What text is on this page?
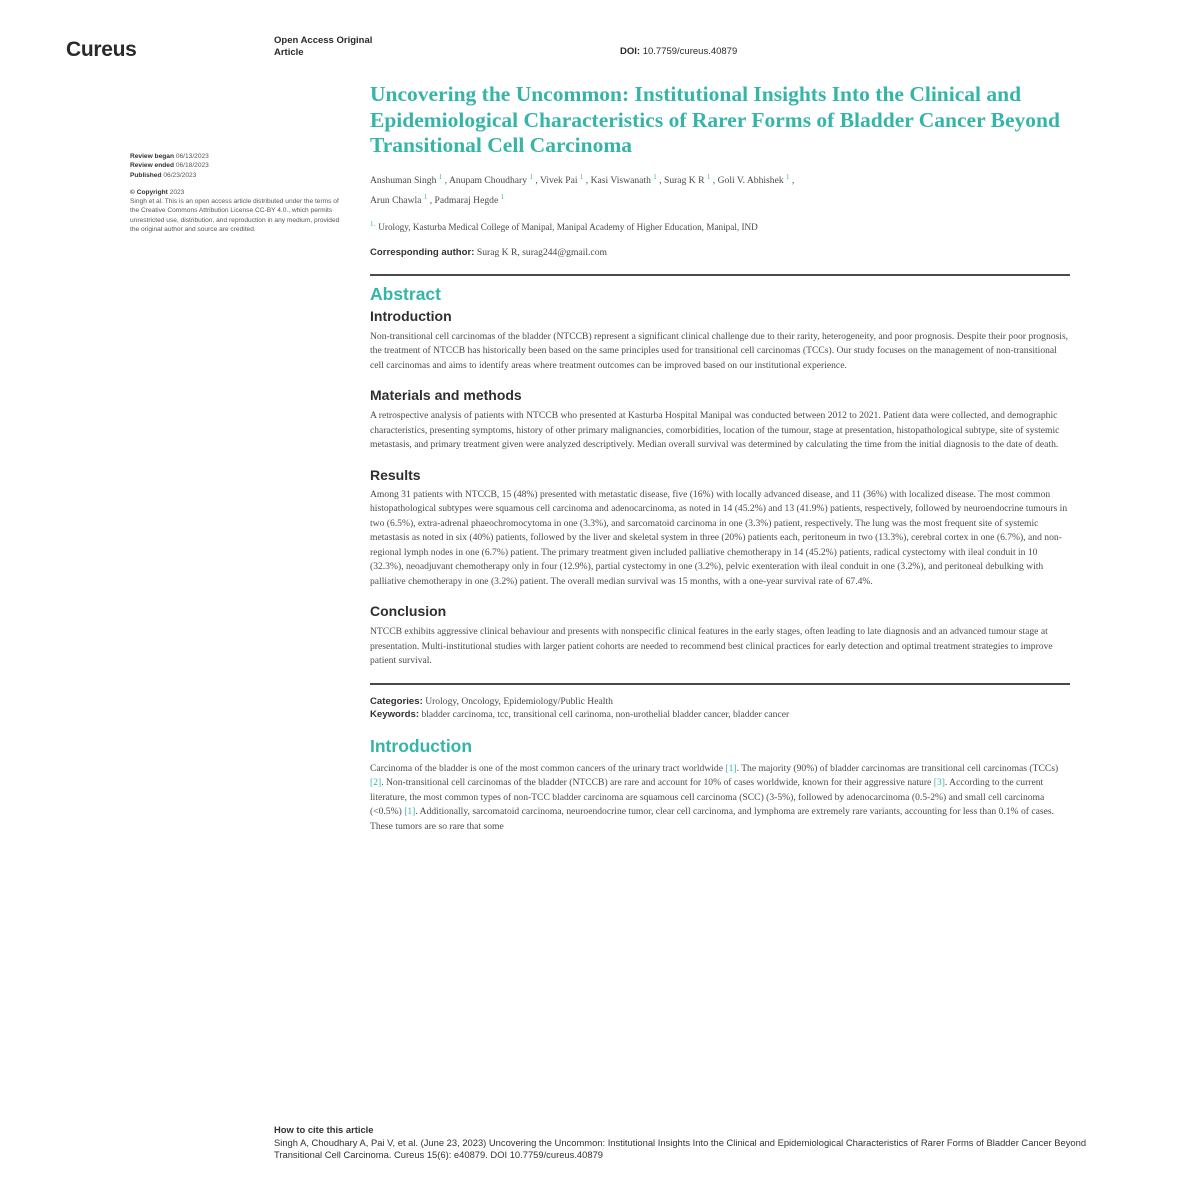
Cureus	Open Access Original
Article	DOI: 10.7759/cureus.40879
Review began 06/13/2023
Review ended 06/18/2023
Published 06/23/2023
© Copyright 2023
Singh et al. This is an open access article distributed under the terms of the Creative Commons Attribution License CC-BY 4.0., which permits unrestricted use, distribution, and reproduction in any medium, provided the original author and source are credited.
Uncovering the Uncommon: Institutional Insights Into the Clinical and Epidemiological Characteristics of Rarer Forms of Bladder Cancer Beyond Transitional Cell Carcinoma
Anshuman Singh $^1$ , Anupam Choudhary $^1$ , Vivek Pai $^1$ , Kasi Viswanath $^1$ , Surag K R $^1$ , Goli V. Abhishek $^1$ ,
Arun Chawla $^1$ , Padmaraj Hegde $^1$
$^{1.}$ Urology, Kasturba Medical College of Manipal, Manipal Academy of Higher Education, Manipal, IND
Corresponding author: Surag K R, surag244@gmail.com
Abstract
Introduction

Non-transitional cell carcinomas of the bladder (NTCCB) represent a significant clinical challenge due to their rarity, heterogeneity, and poor prognosis. Despite their poor prognosis, the treatment of NTCCB has historically been based on the same principles used for transitional cell carcinomas (TCCs). Our study focuses on the management of non-transitional cell carcinomas and aims to identify areas where treatment outcomes can be improved based on our institutional experience.

Materials and methods

A retrospective analysis of patients with NTCCB who presented at Kasturba Hospital Manipal was conducted between 2012 to 2021. Patient data were collected, and demographic characteristics, presenting symptoms, history of other primary malignancies, comorbidities, location of the tumour, stage at presentation, histopathological subtype, site of systemic metastasis, and primary treatment given were analyzed descriptively. Median overall survival was determined by calculating the time from the initial diagnosis to the date of death.

Results

Among 31 patients with NTCCB, 15 (48%) presented with metastatic disease, five (16%) with locally advanced disease, and 11 (36%) with localized disease. The most common histopathological subtypes were squamous cell carcinoma and adenocarcinoma, as noted in 14 (45.2%) and 13 (41.9%) patients, respectively, followed by neuroendocrine tumours in two (6.5%), extra-adrenal phaeochromocytoma in one (3.3%), and sarcomatoid carcinoma in one (3.3%) patient, respectively. The lung was the most frequent site of systemic metastasis as noted in six (40%) patients, followed by the liver and skeletal system in three (20%) patients each, peritoneum in two (13.3%), cerebral cortex in one (6.7%), and non-regional lymph nodes in one (6.7%) patient. The primary treatment given included palliative chemotherapy in 14 (45.2%) patients, radical cystectomy with ileal conduit in 10 (32.3%), neoadjuvant chemotherapy only in four (12.9%), partial cystectomy in one (3.2%), pelvic exenteration with ileal conduit in one (3.2%), and peritoneal debulking with palliative chemotherapy in one (3.2%) patient. The overall median survival was 15 months, with a one-year survival rate of 67.4%.

Conclusion

NTCCB exhibits aggressive clinical behaviour and presents with nonspecific clinical features in the early stages, often leading to late diagnosis and an advanced tumour stage at presentation. Multi-institutional studies with larger patient cohorts are needed to recommend best clinical practices for early detection and optimal treatment strategies to improve patient survival.

Categories: Urology, Oncology, Epidemiology/Public Health
Keywords: bladder carcinoma, tcc, transitional cell carinoma, non-urothelial bladder cancer, bladder cancer
Introduction

Carcinoma of the bladder is one of the most common cancers of the urinary tract worldwide [1]. The majority (90%) of bladder carcinomas are transitional cell carcinomas (TCCs) [2]. Non-transitional cell carcinomas of the bladder (NTCCB) are rare and account for 10% of cases worldwide, known for their aggressive nature [3]. According to the current literature, the most common types of non-TCC bladder carcinoma are squamous cell carcinoma (SCC) (3-5%), followed by adenocarcinoma (0.5-2%) and small cell carcinoma (<0.5%) [1]. Additionally, sarcomatoid carcinoma, neuroendocrine tumor, clear cell carcinoma, and lymphoma are extremely rare variants, accounting for less than 0.1% of cases. These tumors are so rare that some

How to cite this article
Singh A, Choudhary A, Pai V, et al. (June 23, 2023) Uncovering the Uncommon: Institutional Insights Into the Clinical and Epidemiological Characteristics of Rarer Forms of Bladder Cancer Beyond Transitional Cell Carcinoma. Cureus 15(6): e40879. DOI 10.7759/cureus.40879
